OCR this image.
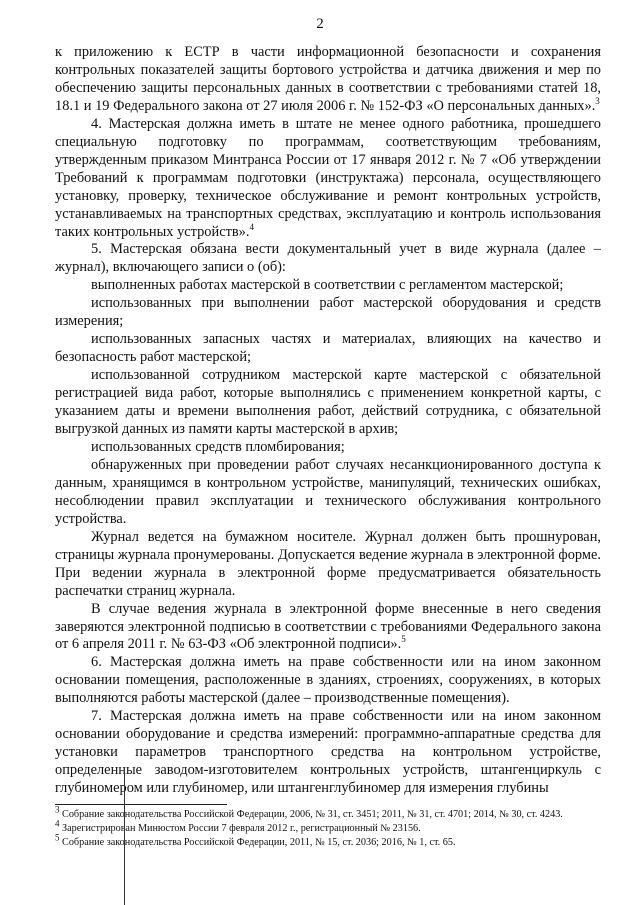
2

к приложению к ЕСТР в части информационной безопасности и сохранения контрольных показателей защиты бортового устройства и датчика движения и мер по обеспечению защиты персональных данных в соответствии с требованиями статей 18, 18.1 и 19 Федерального закона от 27 июля 2006 г. № 152-ФЗ «О персональных данных».$^3$

4. Мастерская должна иметь в штате не менее одного работника, прошедшего специальную подготовку по программам, соответствующим требованиям, утвержденным приказом Минтранса России от 17 января 2012 г. № 7 «Об утверждении Требований к программам подготовки (инструктажа) персонала, осуществляющего установку, проверку, техническое обслуживание и ремонт контрольных устройств, устанавливаемых на транспортных средствах, эксплуатацию и контроль использования таких контрольных устройств».$^4$

5. Мастерская обязана вести документальный учет в виде журнала (далее – журнал), включающего записи о (об):

выполненных работах мастерской в соответствии с регламентом мастерской;

использованных при выполнении работ мастерской оборудования и средств измерения;

использованных запасных частях и материалах, влияющих на качество и безопасность работ мастерской;

использованной сотрудником мастерской карте мастерской с обязательной регистрацией вида работ, которые выполнялись с применением конкретной карты, с указанием даты и времени выполнения работ, действий сотрудника, с обязательной выгрузкой данных из памяти карты мастерской в архив;

использованных средств пломбирования;

обнаруженных при проведении работ случаях несанкционированного доступа к данным, хранящимся в контрольном устройстве, манипуляций, технических ошибках, несоблюдении правил эксплуатации и технического обслуживания контрольного устройства.

Журнал ведется на бумажном носителе. Журнал должен быть прошнурован, страницы журнала пронумерованы. Допускается ведение журнала в электронной форме. При ведении журнала в электронной форме предусматривается обязательность распечатки страниц журнала.

В случае ведения журнала в электронной форме внесенные в него сведения заверяются электронной подписью в соответствии с требованиями Федерального закона от 6 апреля 2011 г. № 63-ФЗ «Об электронной подписи».$^5$

6. Мастерская должна иметь на праве собственности или на ином законном основании помещения, расположенные в зданиях, строениях, сооружениях, в которых выполняются работы мастерской (далее – производственные помещения).

7. Мастерская должна иметь на праве собственности или на ином законном основании оборудование и средства измерений: программно-аппаратные средства для установки параметров транспортного средства на контрольном устройстве, определенные заводом-изготовителем контрольных устройств, штангенциркуль с глубиномером или глубиномер, или штангенглубиномер для измерения глубины

$^3$ Собрание законодательства Российской Федерации, 2006, № 31, ст. 3451; 2011, № 31, ст. 4701; 2014, № 30, ст. 4243.
$^4$ Зарегистрирован Минюстом России 7 февраля 2012 г., регистрационный № 23156.
$^5$ Собрание законодательства Российской Федерации, 2011, № 15, ст. 2036; 2016, № 1, ст. 65.
